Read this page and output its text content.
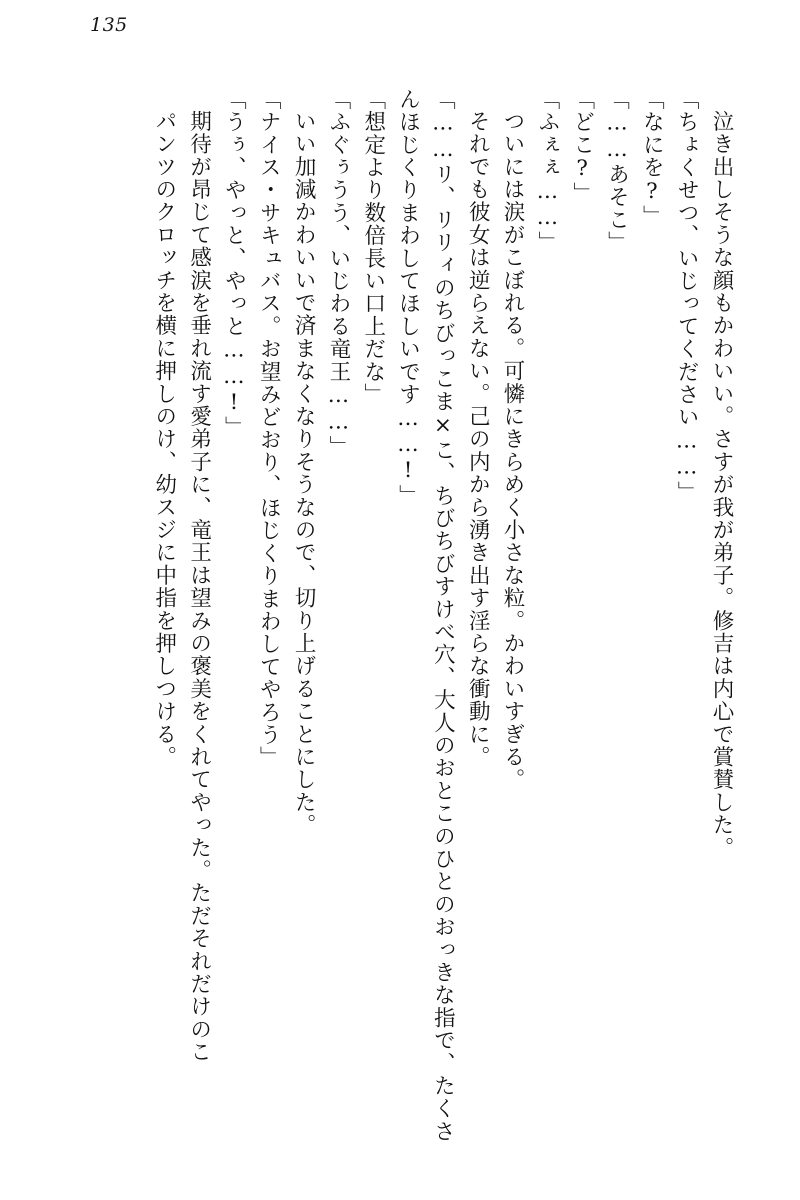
135

泣き出しそうな顔もかわいい。さすが我が弟子。修吉は内心で賞賛した。

「ちょくせつ、いじってください……」

「なにを?」

「……あそこ」

「どこ?」

「ふぇぇ……」

ついには涙がこぼれる。可憐にきらめく小さな粒。かわいすぎる。

それでも彼女は逆らえない。己の内から湧き出す淫らな衝動に。

「……リ、リリィのちびっこま×こ、ちびちびすけべ穴、大人のおとこのひとのおっきな指で、たくさんほじくりまわしてほしいです……!」

「想定より数倍長い口上だな」

「ふぐぅうう、いじわる竜王……」

いい加減かわいいで済まなくなりそうなので、切り上げることにした。

「ナイス・サキュバス。お望みどおり、ほじくりまわしてやろう」

「うぅ、やっと、やっと……!」

期待が昂じて感涙を垂れ流す愛弟子に、竜王は望みの褒美をくれてやった。ただそれだけのこ

パンツのクロッチを横に押しのけ、幼スジに中指を押しつける。
